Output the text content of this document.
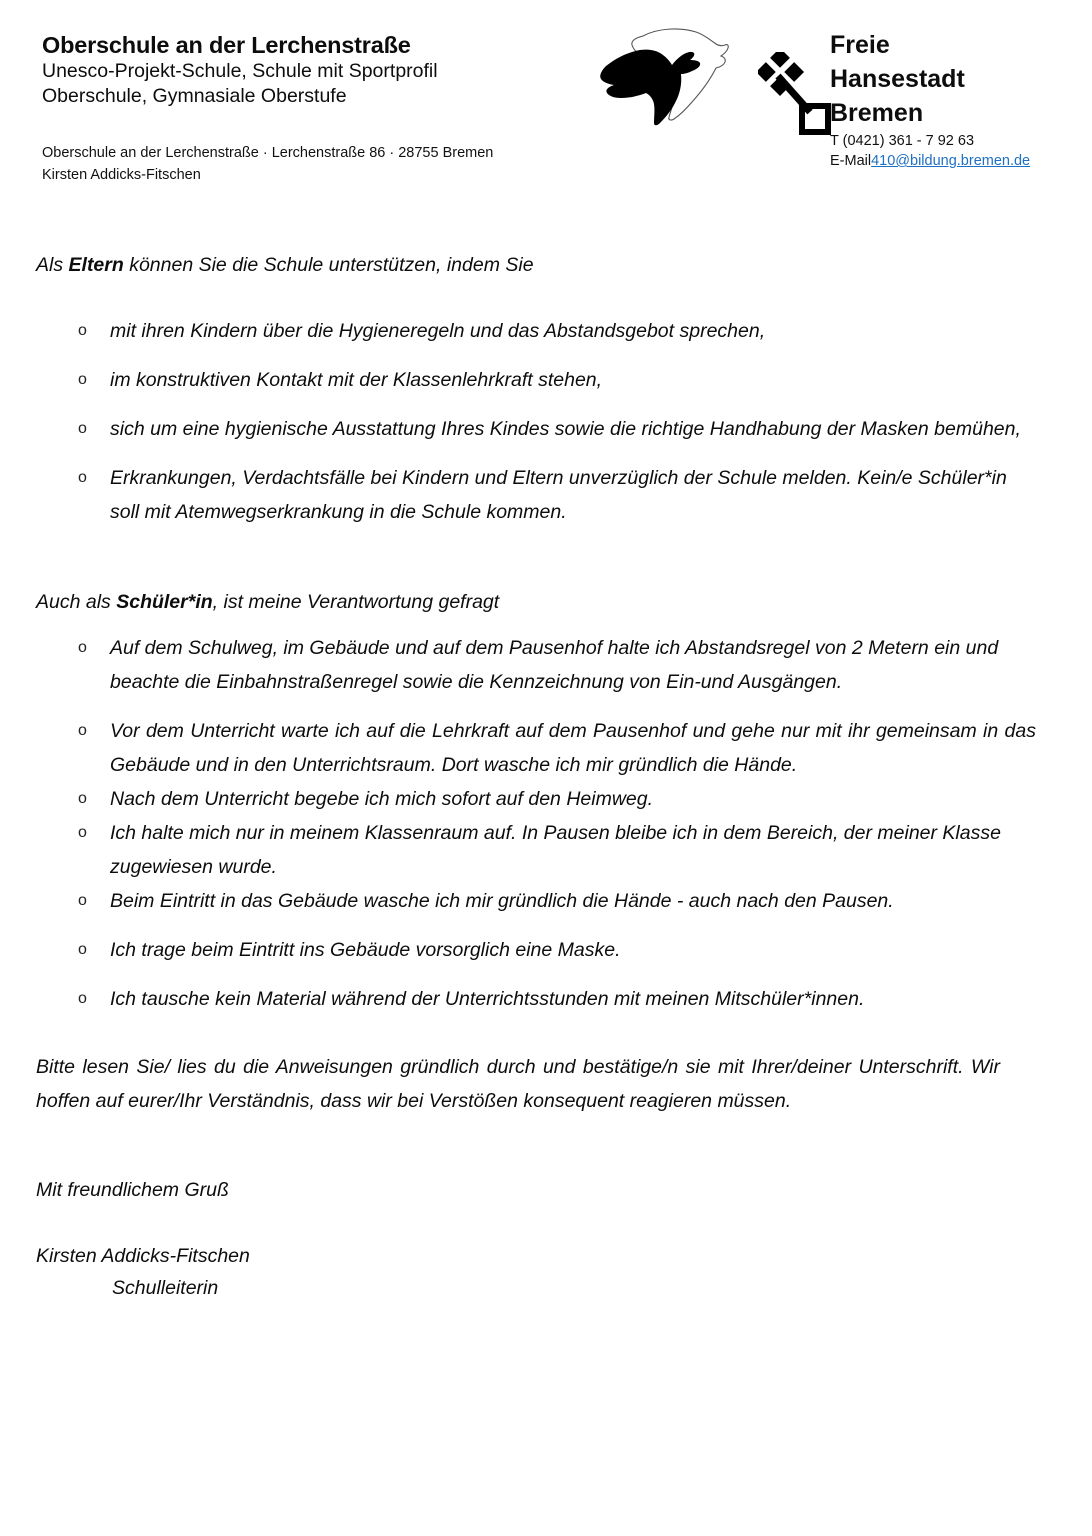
Oberschule an der Lerchenstraße
Unesco-Projekt-Schule, Schule mit Sportprofil
Oberschule, Gymnasiale Oberstufe
Oberschule an der Lerchenstraße · Lerchenstraße 86 · 28755 Bremen
Kirsten Addicks-Fitschen
Freie
Hansestadt
Bremen
T (0421) 361 - 7 92 63
E-Mail410@bildung.bremen.de
Als Eltern können Sie die Schule unterstützen, indem Sie
o mit ihren Kindern über die Hygieneregeln und das Abstandsgebot sprechen,
o im konstruktiven Kontakt mit der Klassenlehrkraft stehen,
o sich um eine hygienische Ausstattung Ihres Kindes sowie die richtige Handhabung der Masken bemühen,
o Erkrankungen, Verdachtsfälle bei Kindern und Eltern unverzüglich der Schule melden. Kein/e Schüler*in soll mit Atemwegserkrankung in die Schule kommen.
Auch als Schüler*in, ist meine Verantwortung gefragt
o Auf dem Schulweg, im Gebäude und auf dem Pausenhof halte ich Abstandsregel von 2 Metern ein und beachte die Einbahnstraßenregel sowie die Kennzeichnung von Ein-und Ausgängen.
o Vor dem Unterricht warte ich auf die Lehrkraft auf dem Pausenhof und gehe nur mit ihr gemeinsam in das Gebäude und in den Unterrichtsraum. Dort wasche ich mir gründlich die Hände.
o Nach dem Unterricht begebe ich mich sofort auf den Heimweg.
o Ich halte mich nur in meinem Klassenraum auf. In Pausen bleibe ich in dem Bereich, der meiner Klasse zugewiesen wurde.
o Beim Eintritt in das Gebäude wasche ich mir gründlich die Hände - auch nach den Pausen.
o Ich trage beim Eintritt ins Gebäude vorsorglich eine Maske.
o Ich tausche kein Material während der Unterrichtsstunden mit meinen Mitschüler*innen.
Bitte lesen Sie/ lies du die Anweisungen gründlich durch und bestätige/n sie mit Ihrer/deiner Unterschrift. Wir hoffen auf eurer/Ihr Verständnis, dass wir bei Verstößen konsequent reagieren müssen.
Mit freundlichem Gruß
Kirsten Addicks-Fitschen
Schulleiterin
